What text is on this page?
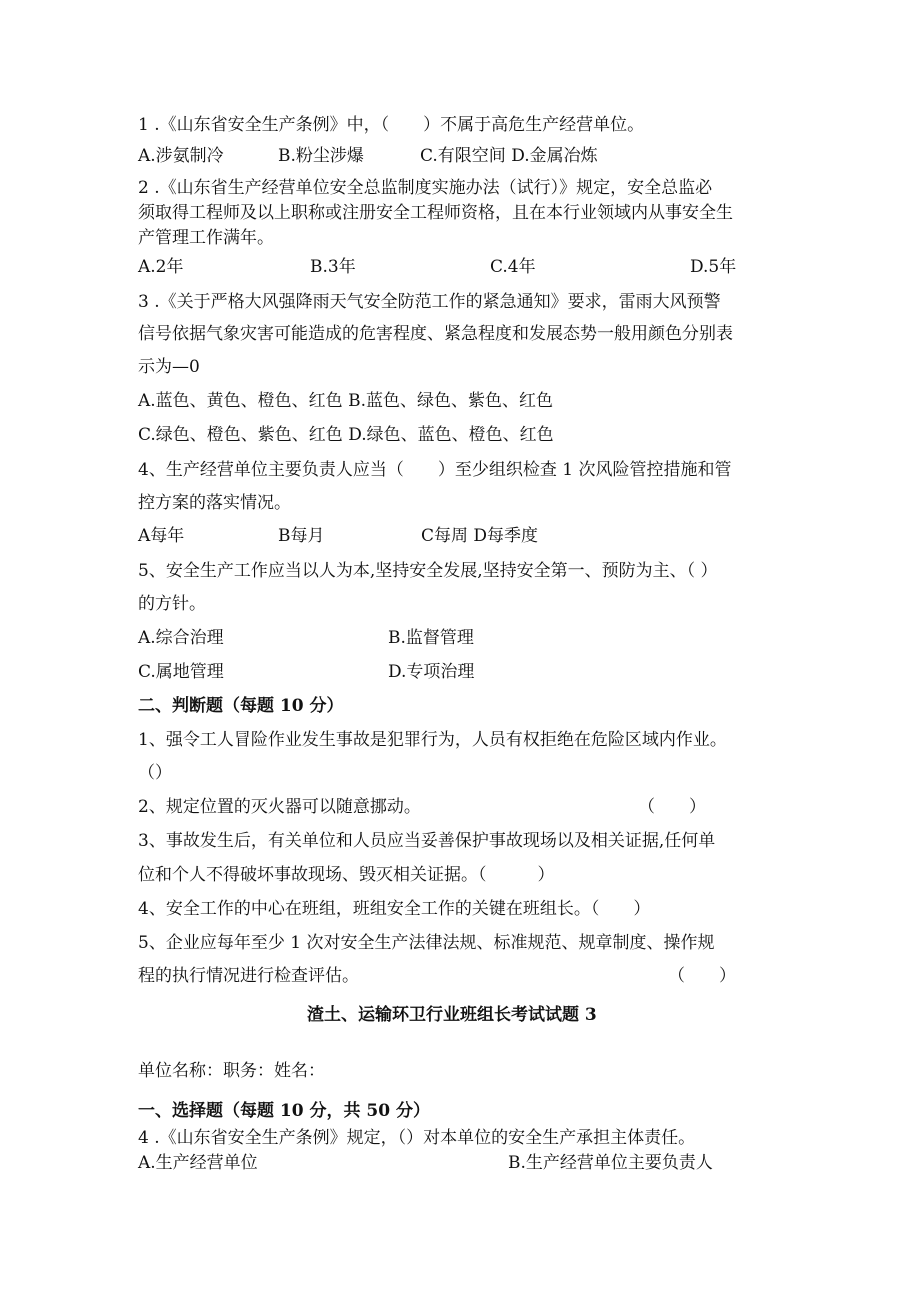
1 .《山东省安全生产条例》中，（　　）不属于高危生产经营单位。
A.涉氨制冷	B.粉尘涉爆	C.有限空间 D.金属冶炼
2 .《山东省生产经营单位安全总监制度实施办法（试行）》规定，安全总监必
须取得工程师及以上职称或注册安全工程师资格，且在本行业领域内从事安全生
产管理工作满年。
A.2年	B.3年	C.4年	D.5年
3 .《关于严格大风强降雨天气安全防范工作的紧急通知》要求，雷雨大风预警
信号依据气象灾害可能造成的危害程度、紧急程度和发展态势一般用颜色分别表
示为—0
A.蓝色、黄色、橙色、红色 B.蓝色、绿色、紫色、红色
C.绿色、橙色、紫色、红色 D.绿色、蓝色、橙色、红色
4、生产经营单位主要负责人应当（　　）至少组织检查 1 次风险管控措施和管
控方案的落实情况。
A每年	B每月	C每周 D每季度
5、安全生产工作应当以人为本,坚持安全发展,坚持安全第一、预防为主、（ ）
的方针。
A.综合治理	B.监督管理
C.属地管理	D.专项治理
二、判断题（每题 10 分）
1、强令工人冒险作业发生事故是犯罪行为，人员有权拒绝在危险区域内作业。
（）
2、规定位置的灭火器可以随意挪动。	（　　）
3、事故发生后，有关单位和人员应当妥善保护事故现场以及相关证据,任何单
位和个人不得破坏事故现场、毁灭相关证据。（　　　）
4、安全工作的中心在班组，班组安全工作的关键在班组长。（　　）
5、企业应每年至少 1 次对安全生产法律法规、标准规范、规章制度、操作规
程的执行情况进行检查评估。	（　　）
渣土、运输环卫行业班组长考试试题 3
单位名称：职务：姓名：
一、选择题（每题 10 分，共 50 分）
4 .《山东省安全生产条例》规定，（）对本单位的安全生产承担主体责任。
A.生产经营单位	B.生产经营单位主要负责人
